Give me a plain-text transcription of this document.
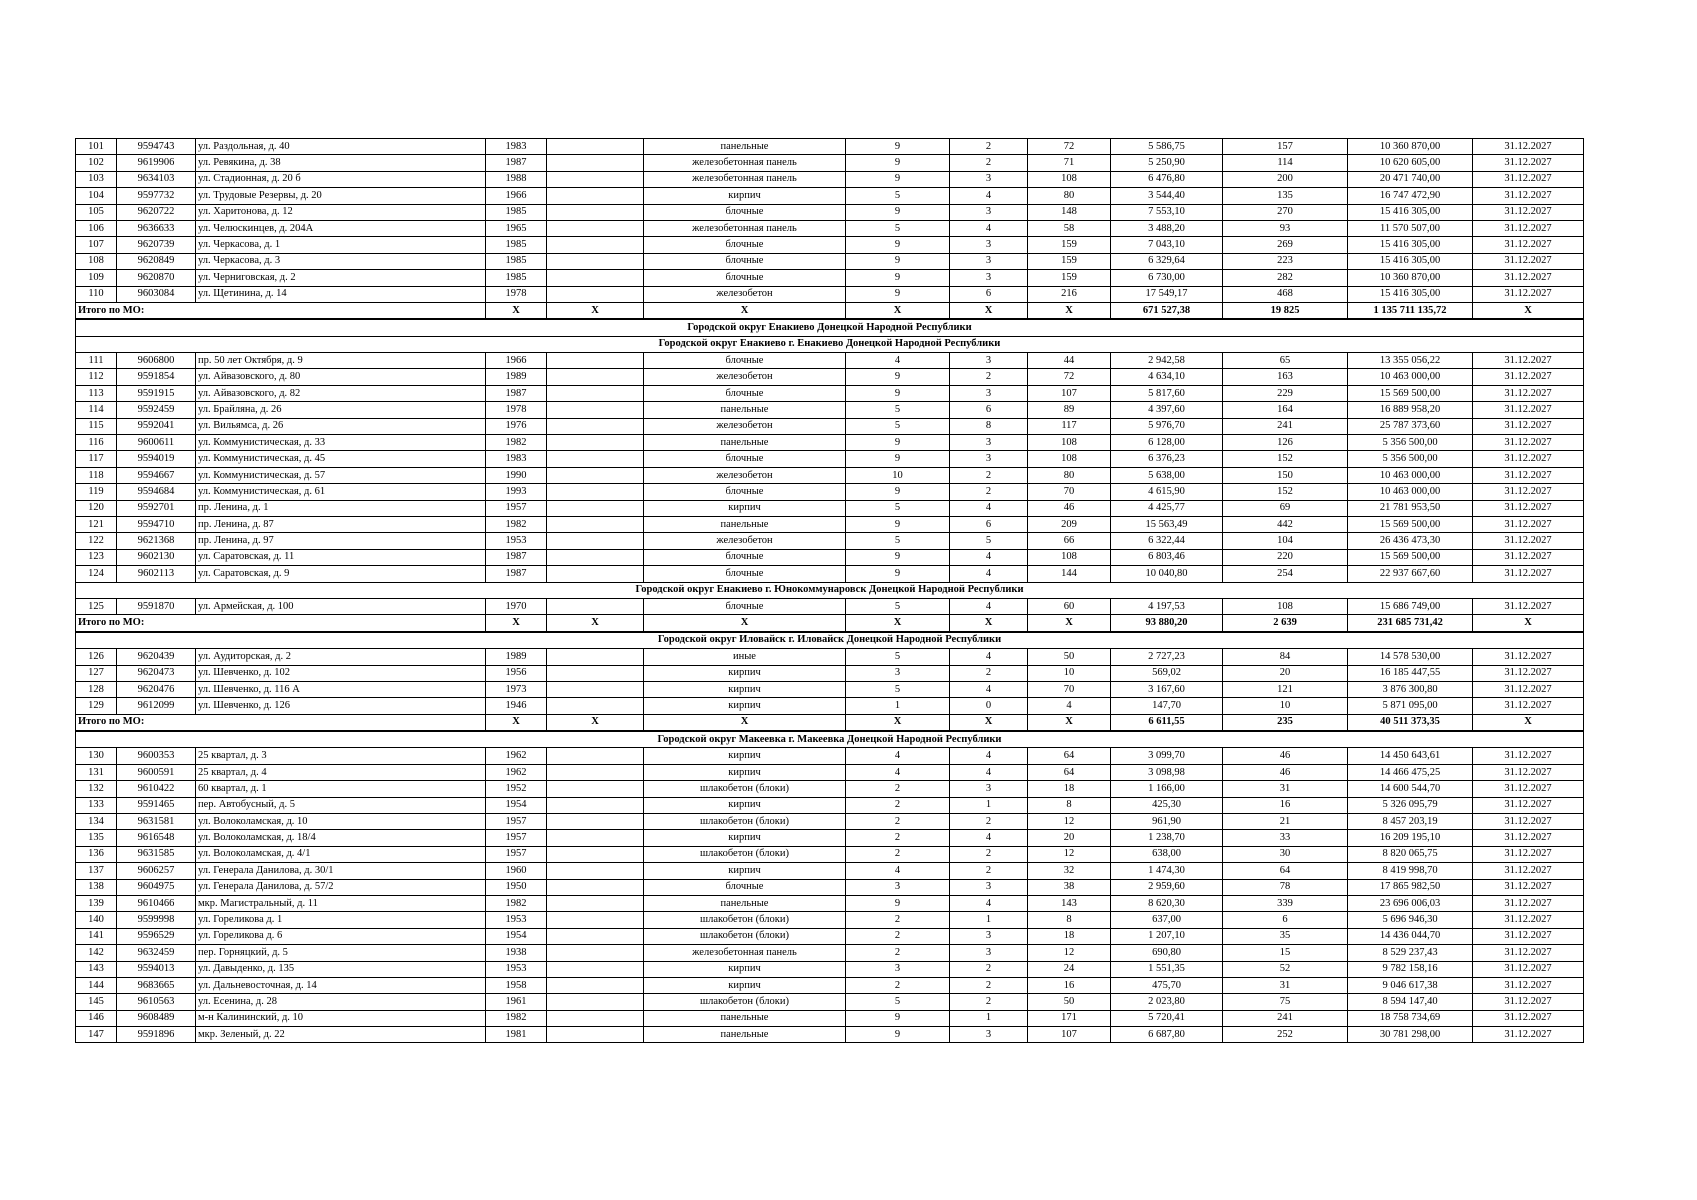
101	9594743	ул. Раздольная, д. 40	1983		панельные	9	2	72	5 586,75	157	10 360 870,00	31.12.2027
102	9619906	ул. Ревякина, д. 38	1987		железобетонная панель	9	2	71	5 250,90	114	10 620 605,00	31.12.2027
103	9634103	ул. Стадионная, д. 20 б	1988		железобетонная панель	9	3	108	6 476,80	200	20 471 740,00	31.12.2027
104	9597732	ул. Трудовые Резервы, д. 20	1966		кирпич	5	4	80	3 544,40	135	16 747 472,90	31.12.2027
105	9620722	ул. Харитонова, д. 12	1985		блочные	9	3	148	7 553,10	270	15 416 305,00	31.12.2027
106	9636633	ул. Челюскинцев, д. 204А	1965		железобетонная панель	5	4	58	3 488,20	93	11 570 507,00	31.12.2027
107	9620739	ул. Черкасова, д. 1	1985		блочные	9	3	159	7 043,10	269	15 416 305,00	31.12.2027
108	9620849	ул. Черкасова, д. 3	1985		блочные	9	3	159	6 329,64	223	15 416 305,00	31.12.2027
109	9620870	ул. Черниговская, д. 2	1985		блочные	9	3	159	6 730,00	282	10 360 870,00	31.12.2027
110	9603084	ул. Щетинина, д. 14	1978		железобетон	9	6	216	17 549,17	468	15 416 305,00	31.12.2027
Итого по МО:			X	X	X	X	X	X	671 527,38	19 825	1 135 711 135,72	X
Городской округ Енакиево Донецкой Народной Республики												
Городской округ Енакиево г. Енакиево Донецкой Народной Республики												
111	9606800	пр. 50 лет Октября, д. 9	1966		блочные	4	3	44	2 942,58	65	13 355 056,22	31.12.2027
112	9591854	ул. Айвазовского, д. 80	1989		железобетон	9	2	72	4 634,10	163	10 463 000,00	31.12.2027
113	9591915	ул. Айвазовского, д. 82	1987		блочные	9	3	107	5 817,60	229	15 569 500,00	31.12.2027
114	9592459	ул. Брайляна, д. 26	1978		панельные	5	6	89	4 397,60	164	16 889 958,20	31.12.2027
115	9592041	ул. Вильямса, д. 26	1976		железобетон	5	8	117	5 976,70	241	25 787 373,60	31.12.2027
116	9600611	ул. Коммунистическая, д. 33	1982		панельные	9	3	108	6 128,00	126	5 356 500,00	31.12.2027
117	9594019	ул. Коммунистическая, д. 45	1983		блочные	9	3	108	6 376,23	152	5 356 500,00	31.12.2027
118	9594667	ул. Коммунистическая, д. 57	1990		железобетон	10	2	80	5 638,00	150	10 463 000,00	31.12.2027
119	9594684	ул. Коммунистическая, д. 61	1993		блочные	9	2	70	4 615,90	152	10 463 000,00	31.12.2027
120	9592701	пр. Ленина, д. 1	1957		кирпич	5	4	46	4 425,77	69	21 781 953,50	31.12.2027
121	9594710	пр. Ленина, д. 87	1982		панельные	9	6	209	15 563,49	442	15 569 500,00	31.12.2027
122	9621368	пр. Ленина, д. 97	1953		железобетон	5	5	66	6 322,44	104	26 436 473,30	31.12.2027
123	9602130	ул. Саратовская, д. 11	1987		блочные	9	4	108	6 803,46	220	15 569 500,00	31.12.2027
124	9602113	ул. Саратовская, д. 9	1987		блочные	9	4	144	10 040,80	254	22 937 667,60	31.12.2027
Городской округ Енакиево г. Юнокоммунаровск Донецкой Народной Республики												
125	9591870	ул. Армейская, д. 100	1970		блочные	5	4	60	4 197,53	108	15 686 749,00	31.12.2027
Итого по МО:			X	X	X	X	X	X	93 880,20	2 639	231 685 731,42	X
Городской округ Иловайск г. Иловайск Донецкой Народной Республики												
126	9620439	ул. Аудиторская, д. 2	1989		иные	5	4	50	2 727,23	84	14 578 530,00	31.12.2027
127	9620473	ул. Шевченко, д. 102	1956		кирпич	3	2	10	569,02	20	16 185 447,55	31.12.2027
128	9620476	ул. Шевченко, д. 116 А	1973		кирпич	5	4	70	3 167,60	121	3 876 300,80	31.12.2027
129	9612099	ул. Шевченко, д. 126	1946		кирпич	1	0	4	147,70	10	5 871 095,00	31.12.2027
Итого по МО:			X	X	X	X	X	X	6 611,55	235	40 511 373,35	X
Городской округ Макеевка г. Макеевка Донецкой Народной Республики												
130	9600353	25 квартал, д. 3	1962		кирпич	4	4	64	3 099,70	46	14 450 643,61	31.12.2027
131	9600591	25 квартал, д. 4	1962		кирпич	4	4	64	3 098,98	46	14 466 475,25	31.12.2027
132	9610422	60 квартал, д. 1	1952		шлакобетон (блоки)	2	3	18	1 166,00	31	14 600 544,70	31.12.2027
133	9591465	пер. Автобусный, д. 5	1954		кирпич	2	1	8	425,30	16	5 326 095,79	31.12.2027
134	9631581	ул. Волоколамская, д. 10	1957		шлакобетон (блоки)	2	2	12	961,90	21	8 457 203,19	31.12.2027
135	9616548	ул. Волоколамская, д. 18/4	1957		кирпич	2	4	20	1 238,70	33	16 209 195,10	31.12.2027
136	9631585	ул. Волоколамская, д. 4/1	1957		шлакобетон (блоки)	2	2	12	638,00	30	8 820 065,75	31.12.2027
137	9606257	ул. Генерала Данилова, д. 30/1	1960		кирпич	4	2	32	1 474,30	64	8 419 998,70	31.12.2027
138	9604975	ул. Генерала Данилова, д. 57/2	1950		блочные	3	3	38	2 959,60	78	17 865 982,50	31.12.2027
139	9610466	мкр. Магистральный, д. 11	1982		панельные	9	4	143	8 620,30	339	23 696 006,03	31.12.2027
140	9599998	ул. Гореликова д. 1	1953		шлакобетон (блоки)	2	1	8	637,00	6	5 696 946,30	31.12.2027
141	9596529	ул. Гореликова д. 6	1954		шлакобетон (блоки)	2	3	18	1 207,10	35	14 436 044,70	31.12.2027
142	9632459	пер. Горняцкий, д. 5	1938		железобетонная панель	2	3	12	690,80	15	8 529 237,43	31.12.2027
143	9594013	ул. Давыденко, д. 135	1953		кирпич	3	2	24	1 551,35	52	9 782 158,16	31.12.2027
144	9683665	ул. Дальневосточная, д. 14	1958		кирпич	2	2	16	475,70	31	9 046 617,38	31.12.2027
145	9610563	ул. Есенина, д. 28	1961		шлакобетон (блоки)	5	2	50	2 023,80	75	8 594 147,40	31.12.2027
146	9608489	м-н Калининский, д. 10	1982		панельные	9	1	171	5 720,41	241	18 758 734,69	31.12.2027
147	9591896	мкр. Зеленый, д. 22	1981		панельные	9	3	107	6 687,80	252	30 781 298,00	31.12.2027
